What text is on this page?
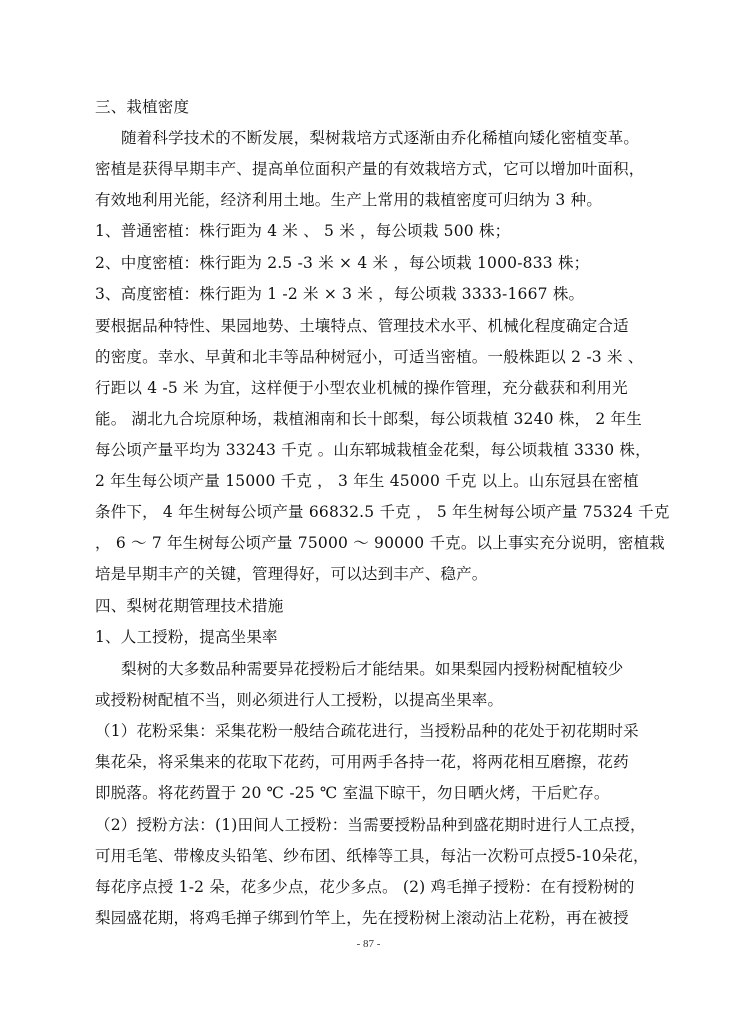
三、栽植密度
随着科学技术的不断发展，梨树栽培方式逐渐由乔化稀植向矮化密植变革。
密植是获得早期丰产、提高单位面积产量的有效栽培方式，它可以增加叶面积，
有效地利用光能，经济利用土地。生产上常用的栽植密度可归纳为 3 种。
1、普通密植：株行距为 4 米 、 5 米 ，每公顷栽 500 株；
2、中度密植：株行距为 2.5 -3 米 × 4 米 ，每公顷栽 1000-833 株；
3、高度密植：株行距为 1 -2 米 × 3 米 ，每公顷栽 3333-1667 株。
要根据品种特性、果园地势、土壤特点、管理技术水平、机械化程度确定合适
的密度。幸水、早黄和北丰等品种树冠小，可适当密植。一般株距以 2 -3 米 、
行距以 4 -5 米 为宜，这样便于小型农业机械的操作管理，充分截获和利用光
能。 湖北九合垸原种场，栽植湘南和长十郎梨，每公顷栽植 3240 株， 2 年生
每公顷产量平均为 33243 千克 。山东郓城栽植金花梨，每公顷栽植 3330 株，
2 年生每公顷产量 15000 千克 ， 3 年生 45000 千克 以上。山东冠县在密植
条件下， 4 年生树每公顷产量 66832.5 千克 ， 5 年生树每公顷产量 75324 千克
， 6 ～ 7 年生树每公顷产量 75000 ～ 90000 千克。以上事实充分说明，密植栽
培是早期丰产的关键，管理得好，可以达到丰产、稳产。
四、梨树花期管理技术措施
1、人工授粉，提高坐果率
梨树的大多数品种需要异花授粉后才能结果。如果梨园内授粉树配植较少
或授粉树配植不当，则必须进行人工授粉，以提高坐果率。
（1）花粉采集：采集花粉一般结合疏花进行，当授粉品种的花处于初花期时采
集花朵，将采集来的花取下花药，可用两手各持一花，将两花相互磨擦，花药
即脱落。将花药置于 20 ℃ -25 ℃ 室温下晾干，勿日晒火烤，干后贮存。
（2）授粉方法：(1)田间人工授粉：当需要授粉品种到盛花期时进行人工点授，
可用毛笔、带橡皮头铅笔、纱布团、纸棒等工具，每沾一次粉可点授5-10朵花，
每花序点授 1-2 朵，花多少点，花少多点。 (2) 鸡毛掸子授粉：在有授粉树的
梨园盛花期，将鸡毛掸子绑到竹竿上，先在授粉树上滚动沾上花粉，再在被授
- 87 -
